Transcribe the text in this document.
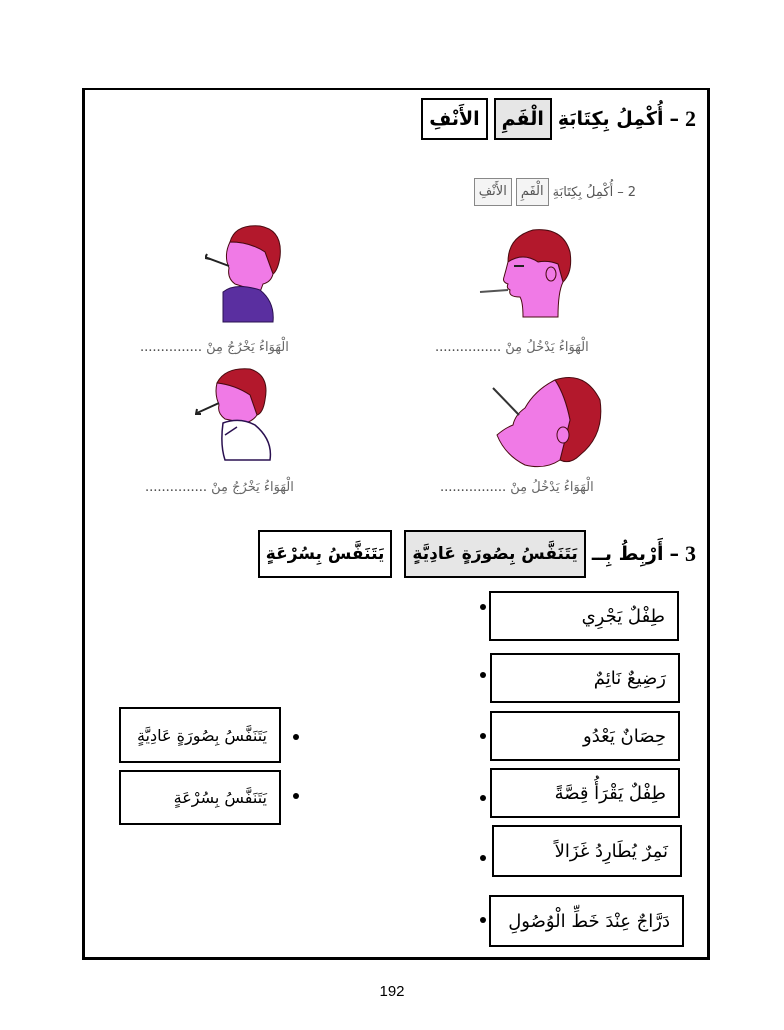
2
–
أُكْمِلُ بِكِتَابَةِ
الْفَمِ
الأَنْفِ
2
–
أُكْمِلُ بِكِتَابَةِ
الْفَمِ
الأَنْفِ
الْهَوَاءُ يَدْخُلُ مِنْ ................
الْهَوَاءُ يَخْرُجُ مِنْ ...............
الْهَوَاءُ يَدْخُلُ مِنْ ................
الْهَوَاءُ يَخْرُجُ مِنْ ...............
3
–
أَرْبِطُ بِــ
يَتَنَفَّسُ بِصُورَةٍ عَادِيَّةٍ
يَتَنَفَّسُ بِسُرْعَةٍ
طِفْلٌ يَجْرِي
رَضِيعٌ نَائِمٌ
حِصَانٌ يَعْدُو
طِفْلٌ يَقْرَأُ قِصَّةً
نَمِرٌ يُطَارِدُ غَزَالاً
دَرَّاجٌ عِنْدَ خَطِّ الْوُصُولِ
يَتَنَفَّسُ بِصُورَةٍ عَادِيَّةٍ
يَتَنَفَّسُ بِسُرْعَةٍ
192
